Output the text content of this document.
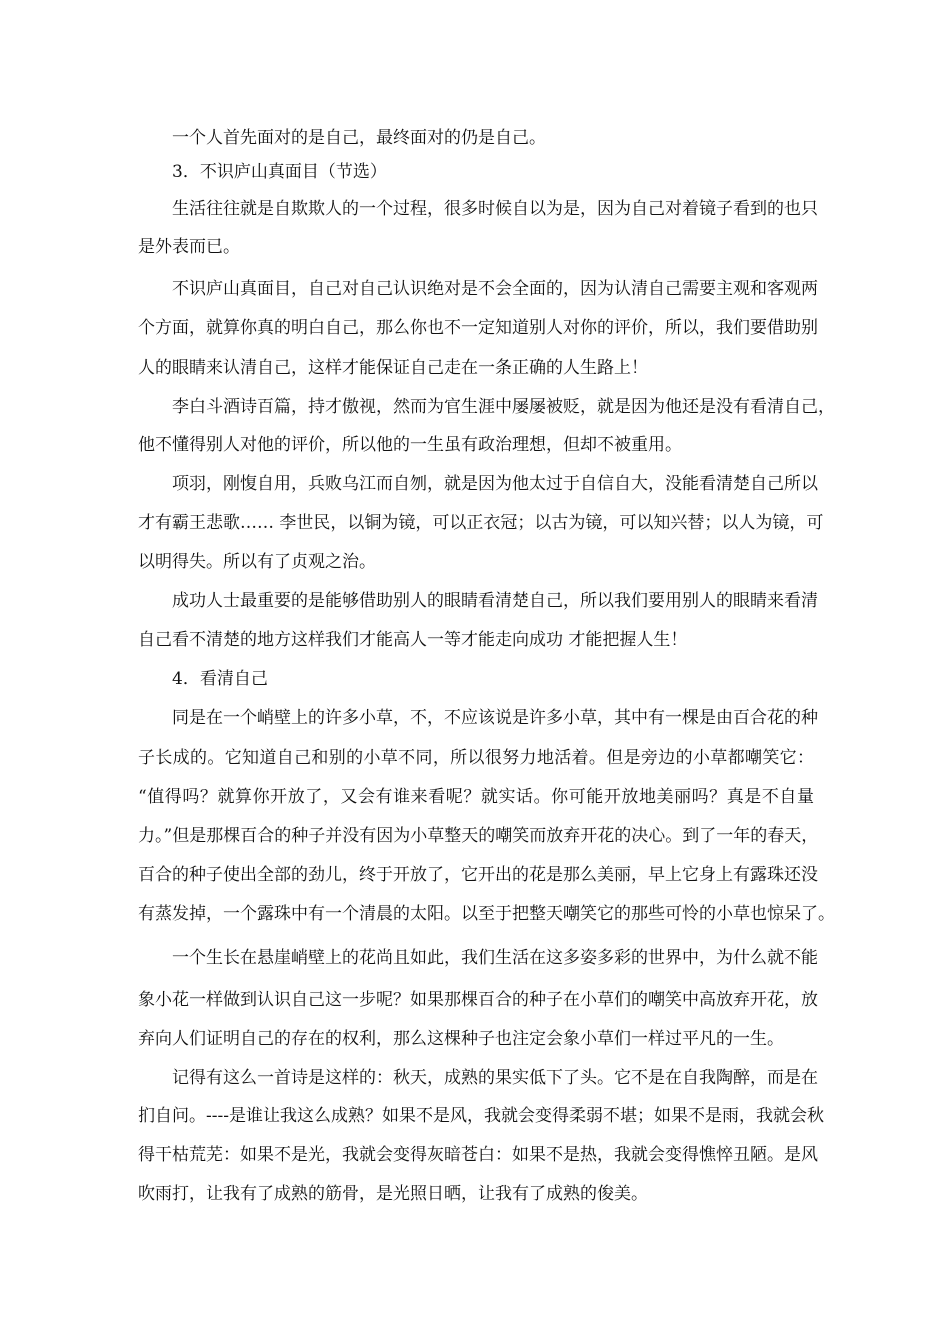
一个人首先面对的是自己，最终面对的仍是自己。
3．不识庐山真面目（节选）
生活往往就是自欺欺人的一个过程，很多时候自以为是，因为自己对着镜子看到的也只
是外表而已。
不识庐山真面目，自己对自己认识绝对是不会全面的，因为认清自己需要主观和客观两
个方面，就算你真的明白自己，那么你也不一定知道别人对你的评价，所以，我们要借助别
人的眼睛来认清自己，这样才能保证自己走在一条正确的人生路上！
李白斗酒诗百篇，持才傲视，然而为官生涯中屡屡被贬，就是因为他还是没有看清自己，
他不懂得别人对他的评价，所以他的一生虽有政治理想，但却不被重用。
项羽，刚愎自用，兵败乌江而自刎，就是因为他太过于自信自大，没能看清楚自己所以
才有霸王悲歌…… 李世民，以铜为镜，可以正衣冠；以古为镜，可以知兴替；以人为镜，可
以明得失。所以有了贞观之治。
成功人士最重要的是能够借助别人的眼睛看清楚自己，所以我们要用别人的眼睛来看清
自己看不清楚的地方这样我们才能高人一等才能走向成功 才能把握人生！
4．看清自己
同是在一个峭壁上的许多小草，不，不应该说是许多小草，其中有一棵是由百合花的种
子长成的。它知道自己和别的小草不同，所以很努力地活着。但是旁边的小草都嘲笑它：
“值得吗？就算你开放了，又会有谁来看呢？就实话。你可能开放地美丽吗？真是不自量
力。”但是那棵百合的种子并没有因为小草整天的嘲笑而放弃开花的决心。到了一年的春天，
百合的种子使出全部的劲儿，终于开放了，它开出的花是那么美丽，早上它身上有露珠还没
有蒸发掉，一个露珠中有一个清晨的太阳。以至于把整天嘲笑它的那些可怜的小草也惊呆了。
一个生长在悬崖峭壁上的花尚且如此，我们生活在这多姿多彩的世界中，为什么就不能
象小花一样做到认识自己这一步呢？如果那棵百合的种子在小草们的嘲笑中高放弃开花，放
弃向人们证明自己的存在的权利，那么这棵种子也注定会象小草们一样过平凡的一生。
记得有这么一首诗是这样的：秋天，成熟的果实低下了头。它不是在自我陶醉，而是在
扪自问。----是谁让我这么成熟？如果不是风，我就会变得柔弱不堪；如果不是雨，我就会秋
得干枯荒芜：如果不是光，我就会变得灰暗苍白：如果不是热，我就会变得憔悴丑陋。是风
吹雨打，让我有了成熟的筋骨，是光照日晒，让我有了成熟的俊美。
